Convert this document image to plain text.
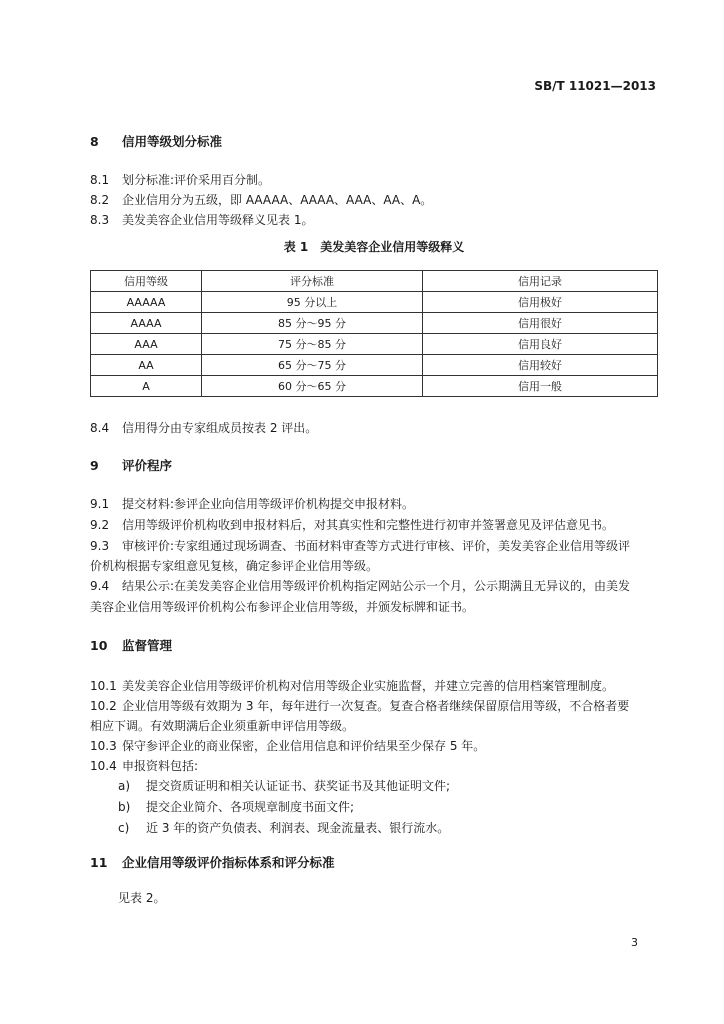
SB/T 11021—2013
8 信用等级划分标准
8.1 划分标准:评价采用百分制。
8.2 企业信用分为五级，即 AAAAA、AAAA、AAA、AA、A。
8.3 美发美容企业信用等级释义见表 1。
表 1　美发美容企业信用等级释义
信用等级	评分标准	信用记录
AAAAA	95 分以上	信用极好
AAAA	85 分～95 分	信用很好
AAA	75 分～85 分	信用良好
AA	65 分～75 分	信用较好
A	60 分～65 分	信用一般
8.4 信用得分由专家组成员按表 2 评出。
9 评价程序
9.1 提交材料:参评企业向信用等级评价机构提交申报材料。
9.2 信用等级评价机构收到申报材料后，对其真实性和完整性进行初审并签署意见及评估意见书。
9.3 审核评价:专家组通过现场调查、书面材料审查等方式进行审核、评价，美发美容企业信用等级评
价机构根据专家组意见复核，确定参评企业信用等级。
9.4 结果公示:在美发美容企业信用等级评价机构指定网站公示一个月，公示期满且无异议的，由美发
美容企业信用等级评价机构公布参评企业信用等级，并颁发标牌和证书。
10 监督管理
10.1 美发美容企业信用等级评价机构对信用等级企业实施监督，并建立完善的信用档案管理制度。
10.2 企业信用等级有效期为 3 年，每年进行一次复查。复查合格者继续保留原信用等级，不合格者要
相应下调。有效期满后企业须重新申评信用等级。
10.3 保守参评企业的商业保密，企业信用信息和评价结果至少保存 5 年。
10.4 申报资料包括:
a) 提交资质证明和相关认证证书、获奖证书及其他证明文件;
b) 提交企业简介、各项规章制度书面文件;
c) 近 3 年的资产负债表、利润表、现金流量表、银行流水。
11 企业信用等级评价指标体系和评分标准
见表 2。
3
